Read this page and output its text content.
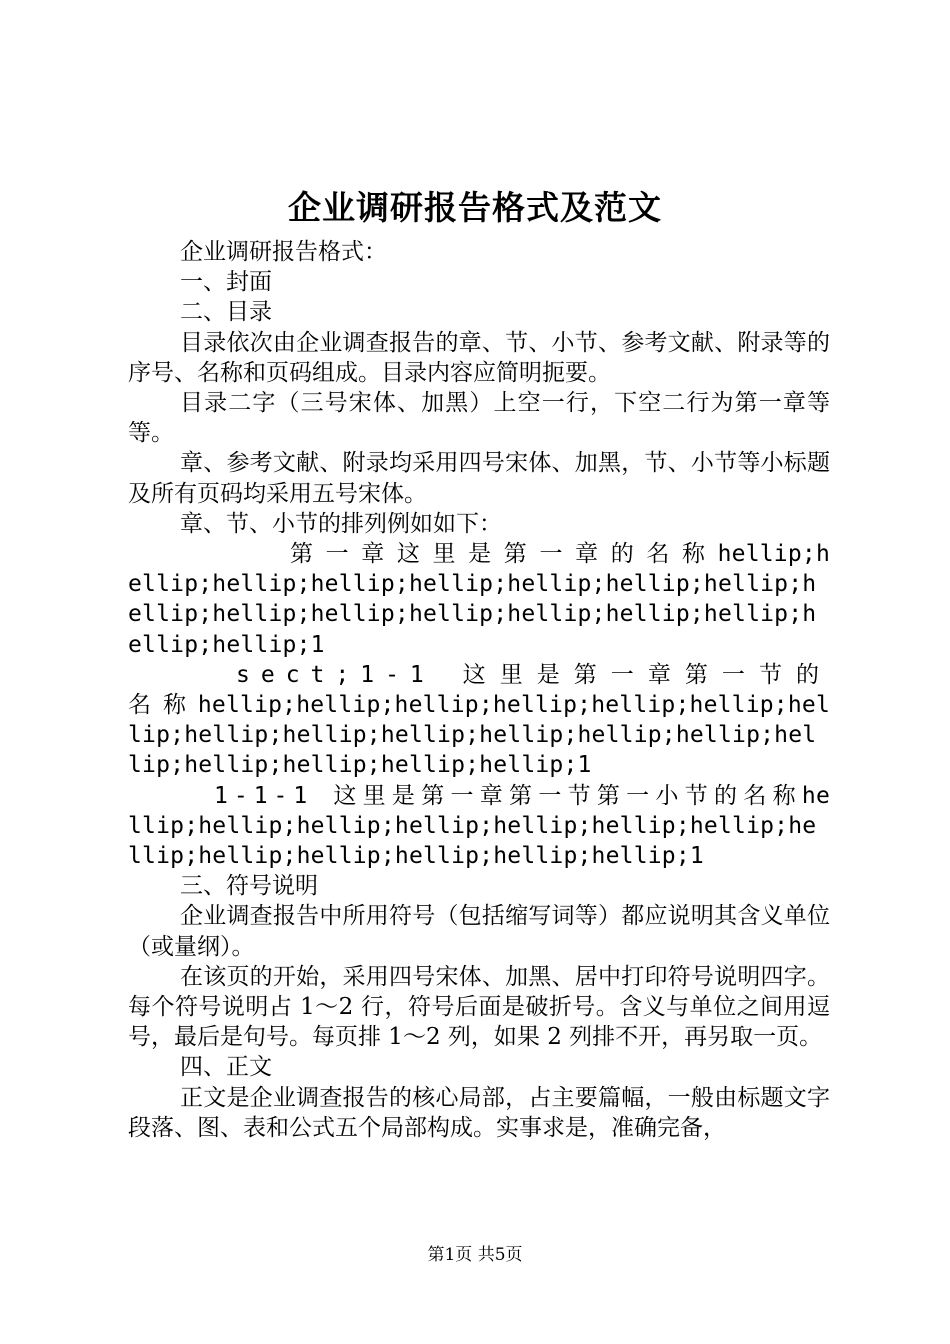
企业调研报告格式及范文

企业调研报告格式：

一、封面

二、目录

目录依次由企业调查报告的章、节、小节、参考文献、附录等的序号、名称和页码组成。目录内容应简明扼要。

目录二字（三号宋体、加黑）上空一行，下空二行为第一章等等。

章、参考文献、附录均采用四号宋体、加黑，节、小节等小标题及所有页码均采用五号宋体。

章、节、小节的排列例如如下：

第一章这里是第一章的名称hellip;hellip;hellip;hellip;hellip;hellip;hellip;hellip;hellip;hellip;hellip;hellip;hellip;hellip;hellip;hellip;hellip;1

sect;1-1 这里是第一章第一节的名称hellip;hellip;hellip;hellip;hellip;hellip;hellip;hellip;hellip;hellip;hellip;hellip;hellip;hellip;hellip;hellip;hellip;hellip;1

1-1-1 这里是第一章第一节第一小节的名称hellip;hellip;hellip;hellip;hellip;hellip;hellip;hellip;hellip;hellip;hellip;hellip;hellip;1

三、符号说明

企业调查报告中所用符号（包括缩写词等）都应说明其含义单位（或量纲）。

在该页的开始，采用四号宋体、加黑、居中打印符号说明四字。每个符号说明占 1～2 行，符号后面是破折号。含义与单位之间用逗号，最后是句号。每页排 1～2 列，如果 2 列排不开，再另取一页。

四、正文

正文是企业调查报告的核心局部，占主要篇幅，一般由标题文字段落、图、表和公式五个局部构成。实事求是，准确完备，

第1页 共5页
